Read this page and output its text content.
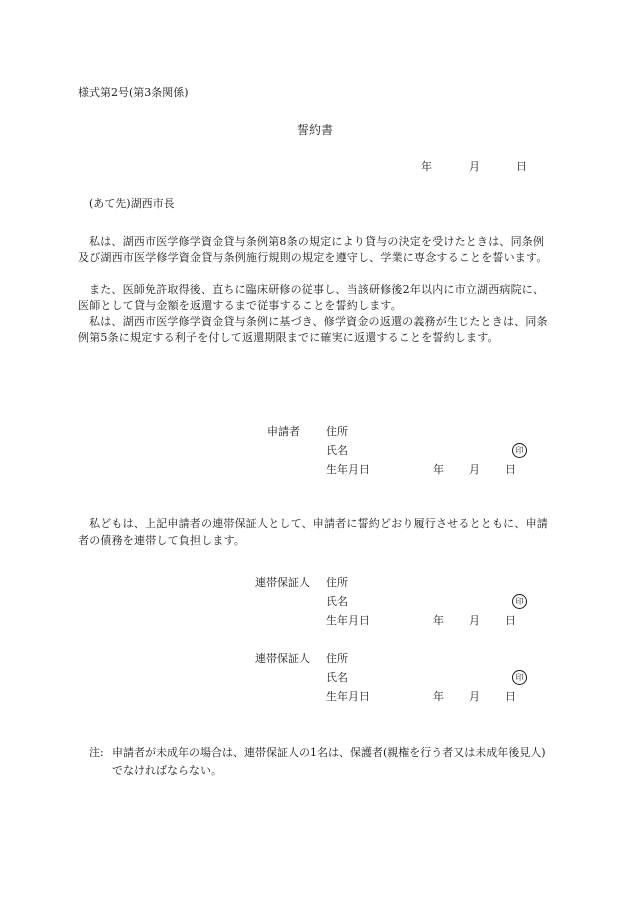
様式第2号(第3条関係)
誓約書
年	月	日
(あて先)湖西市長

私は、湖西市医学修学資金貸与条例第8条の規定により貸与の決定を受けたときは、同条例及び湖西市医学修学資金貸与条例施行規則の規定を遵守し、学業に専念することを誓います。

また、医師免許取得後、直ちに臨床研修の従事し、当該研修後2年以内に市立湖西病院に、医師として貸与金額を返還するまで従事することを誓約します。

私は、湖西市医学修学資金貸与条例に基づき、修学資金の返還の義務が生じたときは、同条例第5条に規定する利子を付して返還期限までに確実に返還することを誓約します。

申請者 住所
氏名	印
生年月日	年 月 日

私どもは、上記申請者の連帯保証人として、申請者に誓約どおり履行させるとともに、申請者の債務を連帯して負担します。

連帯保証人 住所
氏名	印
生年月日	年 月 日
連帯保証人 住所
氏名	印
生年月日	年 月 日
注: 申請者が未成年の場合は、連帯保証人の1名は、保護者(親権を行う者又は未成年後見人)でなければならない。
